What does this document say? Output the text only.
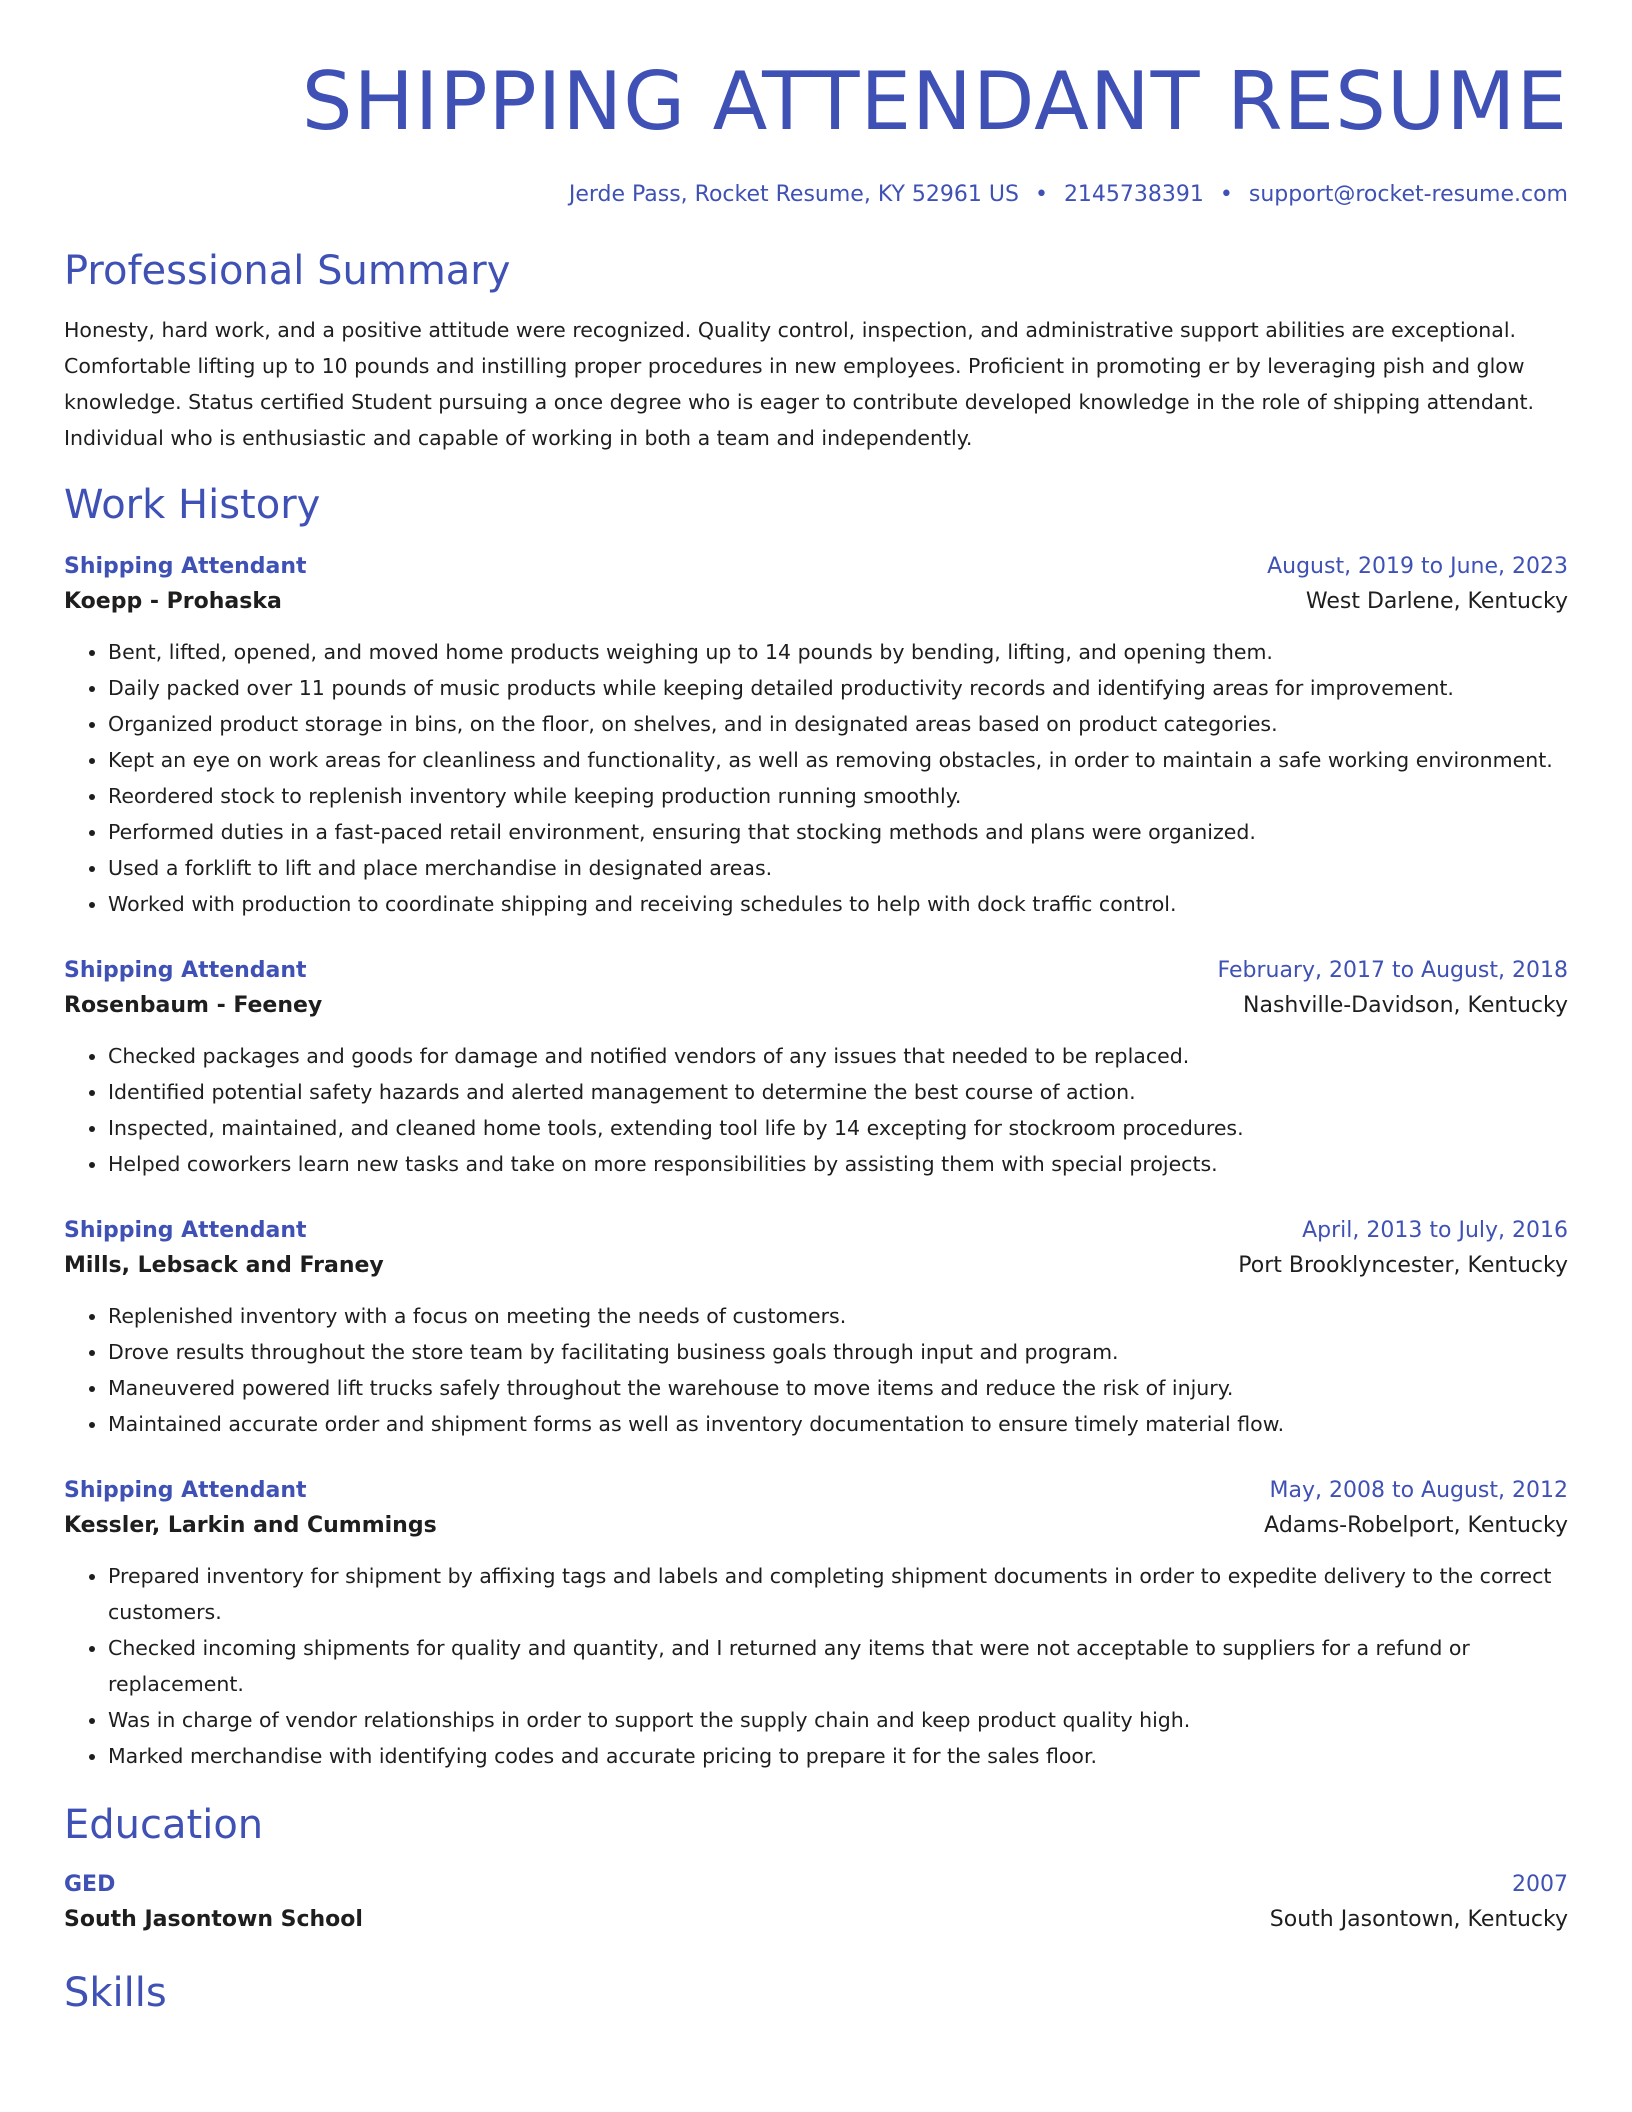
SHIPPING ATTENDANT RESUME
Jerde Pass, Rocket Resume, KY 52961 US • 2145738391 • support@rocket-resume.com
Professional Summary
Honesty, hard work, and a positive attitude were recognized. Quality control, inspection, and administrative support abilities are exceptional. Comfortable lifting up to 10 pounds and instilling proper procedures in new employees. Proficient in promoting er by leveraging pish and glow knowledge. Status certified Student pursuing a once degree who is eager to contribute developed knowledge in the role of shipping attendant. Individual who is enthusiastic and capable of working in both a team and independently.
Work History
Shipping Attendant	August, 2019 to June, 2023
Koepp - Prohaska	West Darlene, Kentucky
• Bent, lifted, opened, and moved home products weighing up to 14 pounds by bending, lifting, and opening them.
• Daily packed over 11 pounds of music products while keeping detailed productivity records and identifying areas for improvement.
• Organized product storage in bins, on the floor, on shelves, and in designated areas based on product categories.
• Kept an eye on work areas for cleanliness and functionality, as well as removing obstacles, in order to maintain a safe working environment.
• Reordered stock to replenish inventory while keeping production running smoothly.
• Performed duties in a fast-paced retail environment, ensuring that stocking methods and plans were organized.
• Used a forklift to lift and place merchandise in designated areas.
• Worked with production to coordinate shipping and receiving schedules to help with dock traffic control.
Shipping Attendant	February, 2017 to August, 2018
Rosenbaum - Feeney	Nashville-Davidson, Kentucky
• Checked packages and goods for damage and notified vendors of any issues that needed to be replaced.
• Identified potential safety hazards and alerted management to determine the best course of action.
• Inspected, maintained, and cleaned home tools, extending tool life by 14 excepting for stockroom procedures.
• Helped coworkers learn new tasks and take on more responsibilities by assisting them with special projects.
Shipping Attendant	April, 2013 to July, 2016
Mills, Lebsack and Franey	Port Brooklyncester, Kentucky
• Replenished inventory with a focus on meeting the needs of customers.
• Drove results throughout the store team by facilitating business goals through input and program.
• Maneuvered powered lift trucks safely throughout the warehouse to move items and reduce the risk of injury.
• Maintained accurate order and shipment forms as well as inventory documentation to ensure timely material flow.
Shipping Attendant	May, 2008 to August, 2012
Kessler, Larkin and Cummings	Adams-Robelport, Kentucky
• Prepared inventory for shipment by affixing tags and labels and completing shipment documents in order to expedite delivery to the correct customers.
• Checked incoming shipments for quality and quantity, and I returned any items that were not acceptable to suppliers for a refund or replacement.
• Was in charge of vendor relationships in order to support the supply chain and keep product quality high.
• Marked merchandise with identifying codes and accurate pricing to prepare it for the sales floor.
Education
GED	2007
South Jasontown School	South Jasontown, Kentucky
Skills
